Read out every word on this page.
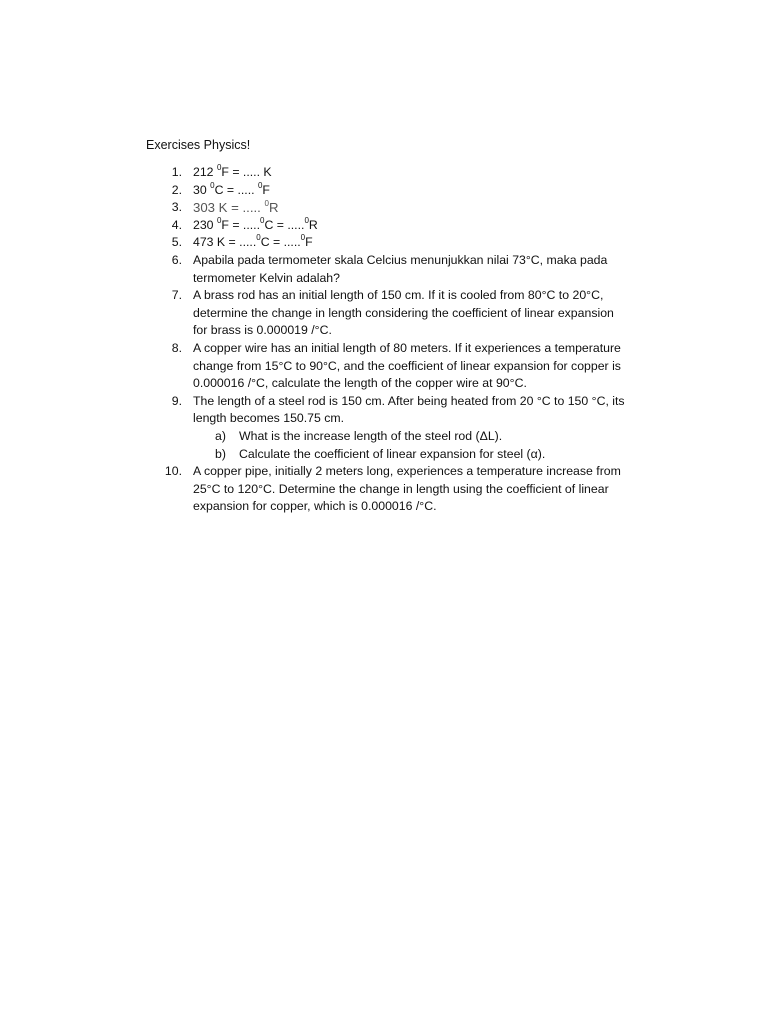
Exercises Physics!
1. 212 $^0$F = ..... K
2. 30 $^0$C = ..... $^0$F
3. 303 K = ..... $^0$R
4. 230 $^0$F = .....$^0$C = .....$^0$R
5. 473 K = .....$^0$C = .....$^0$F
6. Apabila pada termometer skala Celcius menunjukkan nilai 73°C, maka pada termometer Kelvin adalah?
7. A brass rod has an initial length of 150 cm. If it is cooled from 80°C to 20°C, determine the change in length considering the coefficient of linear expansion for brass is 0.000019 /°C.
8. A copper wire has an initial length of 80 meters. If it experiences a temperature change from 15°C to 90°C, and the coefficient of linear expansion for copper is 0.000016 /°C, calculate the length of the copper wire at 90°C.
9. The length of a steel rod is 150 cm. After being heated from 20 °C to 150 °C, its length becomes 150.75 cm.
a) What is the increase length of the steel rod (ΔL).
b) Calculate the coefficient of linear expansion for steel (α).
10. A copper pipe, initially 2 meters long, experiences a temperature increase from 25°C to 120°C. Determine the change in length using the coefficient of linear expansion for copper, which is 0.000016 /°C.
